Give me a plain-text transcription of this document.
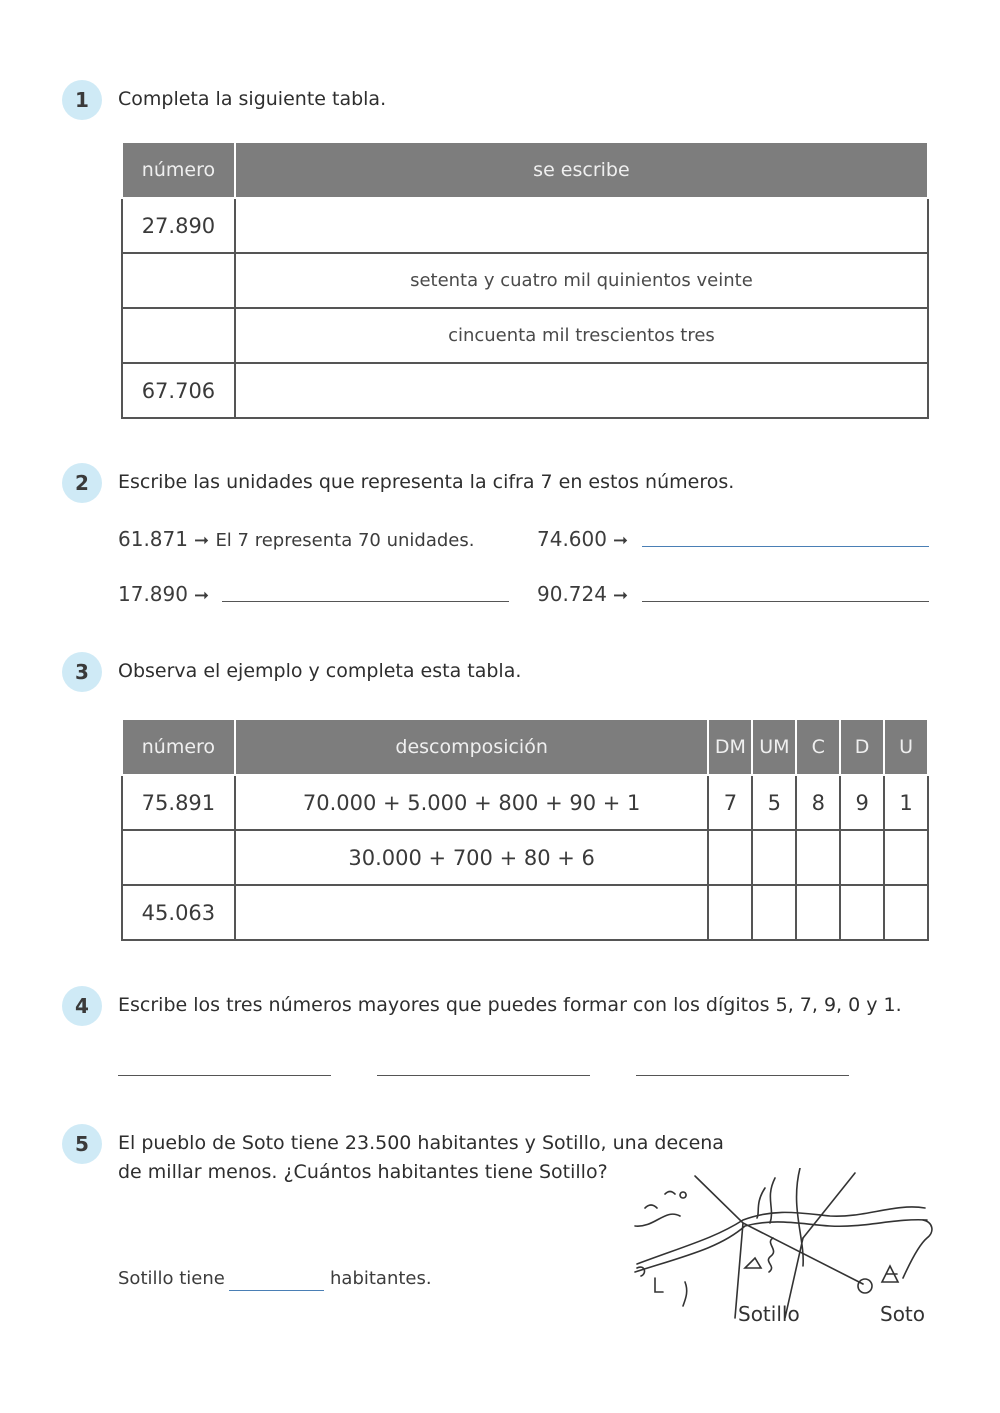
1	Completa la siguiente tabla.
número	se escribe
27.890	
	setenta y cuatro mil quinientos veinte
	cincuenta mil trescientos tres
67.706	
2	Escribe las unidades que representa la cifra 7 en estos números.
61.871 ➞ El 7 representa 70 unidades.	74.600 ➞
17.890 ➞	90.724 ➞
3	Observa el ejemplo y completa esta tabla.
número	descomposición	DM	UM	C	D	U
75.891	70.000 + 5.000 + 800 + 90 + 1	7	5	8	9	1
	30.000 + 700 + 80 + 6					
45.063						
4	Escribe los tres números mayores que puedes formar con los dígitos 5, 7, 9, 0 y 1.
5	El pueblo de Soto tiene 23.500 habitantes y Sotillo, una decena
de millar menos. ¿Cuántos habitantes tiene Sotillo?
Sotillo tiene	habitantes.
Sotillo	Soto
